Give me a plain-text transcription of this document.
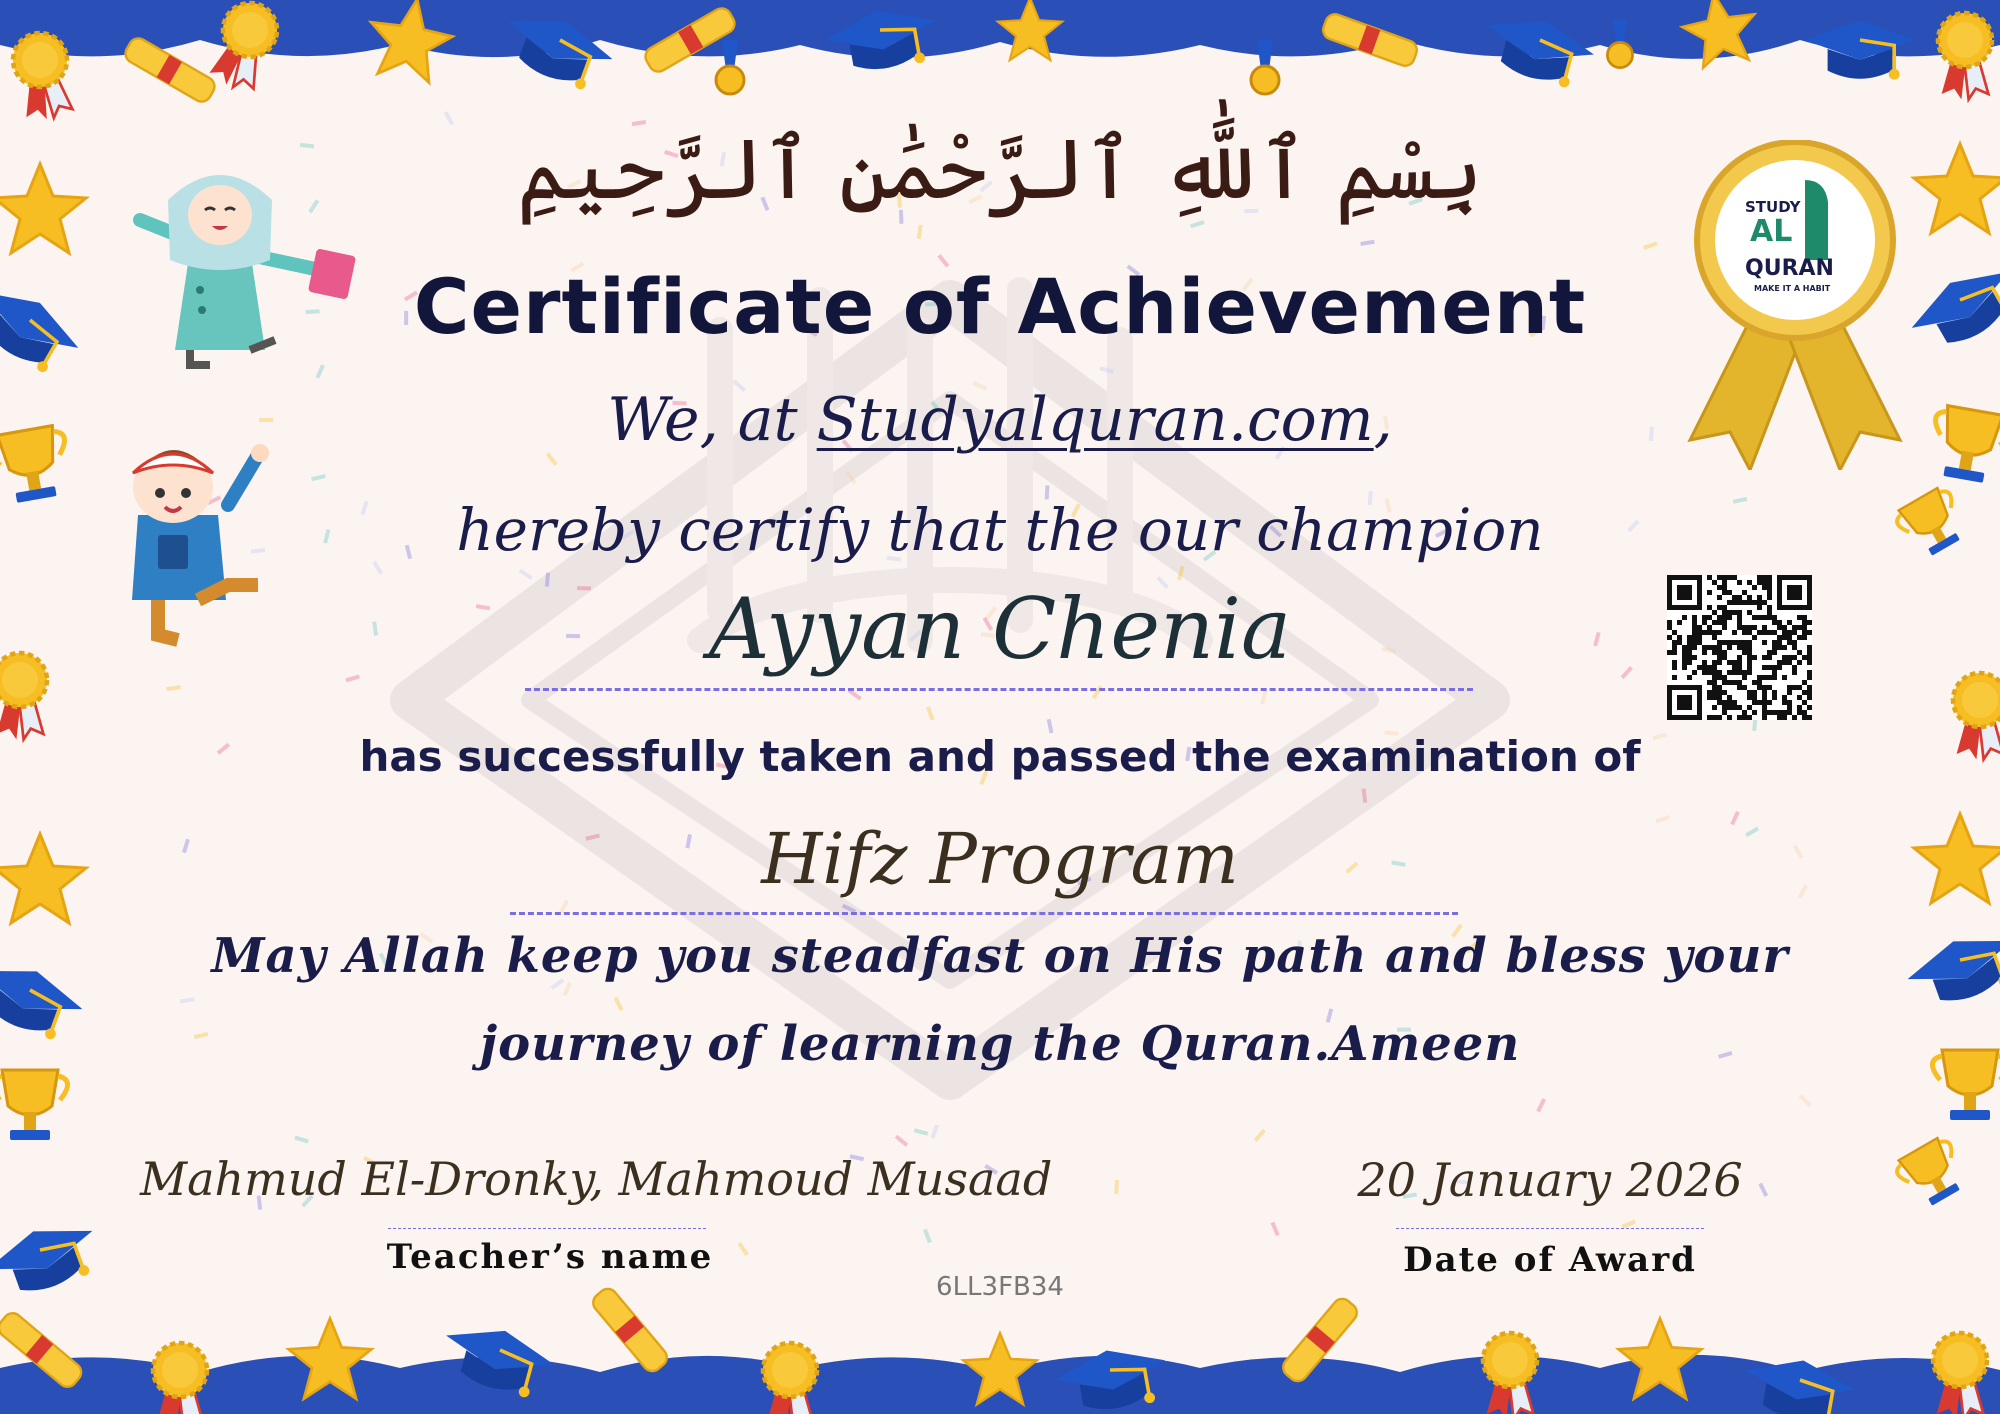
بِسْمِ ٱللَّٰهِ ٱلرَّحْمَٰنِ ٱلرَّحِيمِ
Certificate of Achievement
We, at Studyalquran.com,
hereby certify that the our champion
Ayyan Chenia
has successfully taken and passed the examination of
Hifz Program
May Allah keep you steadfast on His path and bless your
journey of learning the Quran.Ameen
Mahmud El-Dronky, Mahmoud Musaad
Teacher’s name
20 January 2026
Date of Award
6LL3FB34
STUDY
AL
QURAN
MAKE IT A HABIT
